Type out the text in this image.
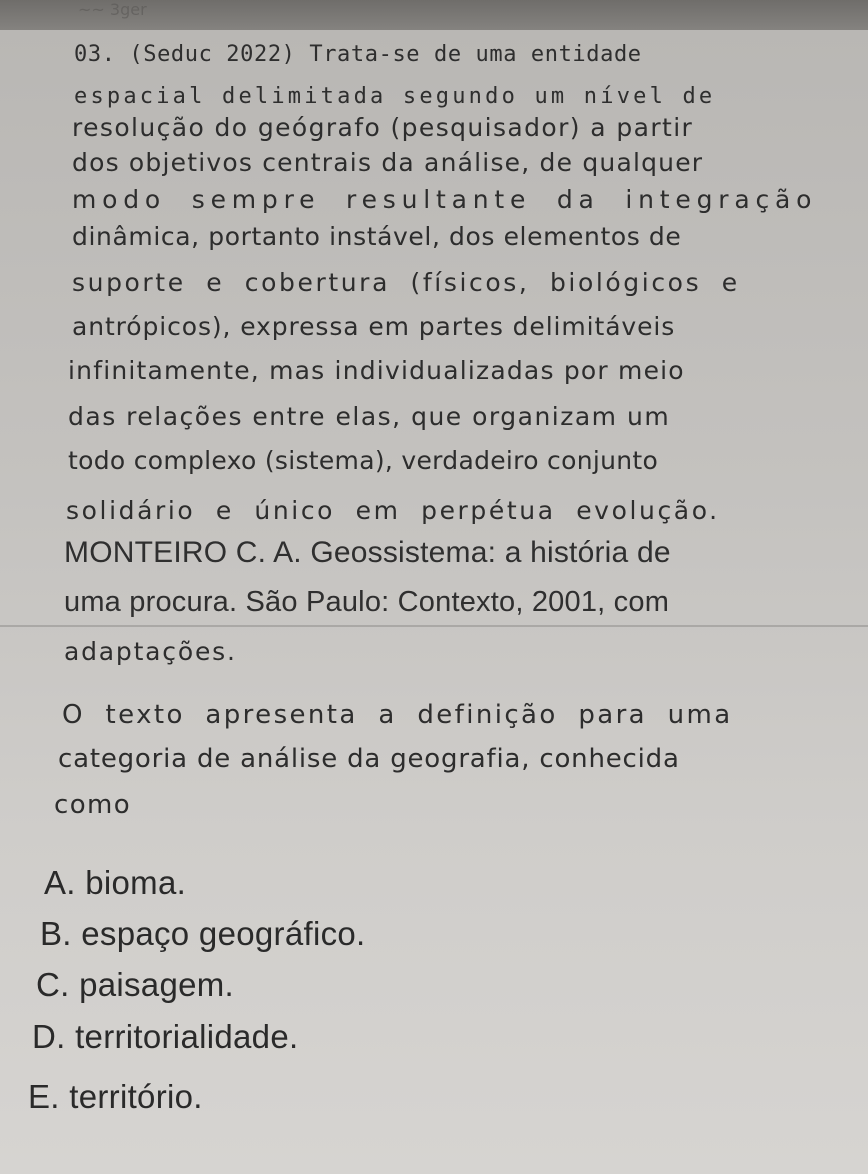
~~ 3ger
03. (Seduc 2022) Trata-se de uma entidade
espacial delimitada segundo um nível de
resolução do geógrafo (pesquisador) a partir
dos objetivos centrais da análise, de qualquer
modo sempre resultante da integração
dinâmica, portanto instável, dos elementos de
suporte e cobertura (físicos, biológicos e
antrópicos), expressa em partes delimitáveis
infinitamente, mas individualizadas por meio
das relações entre elas, que organizam um
todo complexo (sistema), verdadeiro conjunto
solidário e único em perpétua evolução.
MONTEIRO C. A. Geossistema: a história de
uma procura. São Paulo: Contexto, 2001, com
adaptações.
O texto apresenta a definição para uma
categoria de análise da geografia, conhecida
como
A. bioma.
B. espaço geográfico.
C. paisagem.
D. territorialidade.
E. território.
